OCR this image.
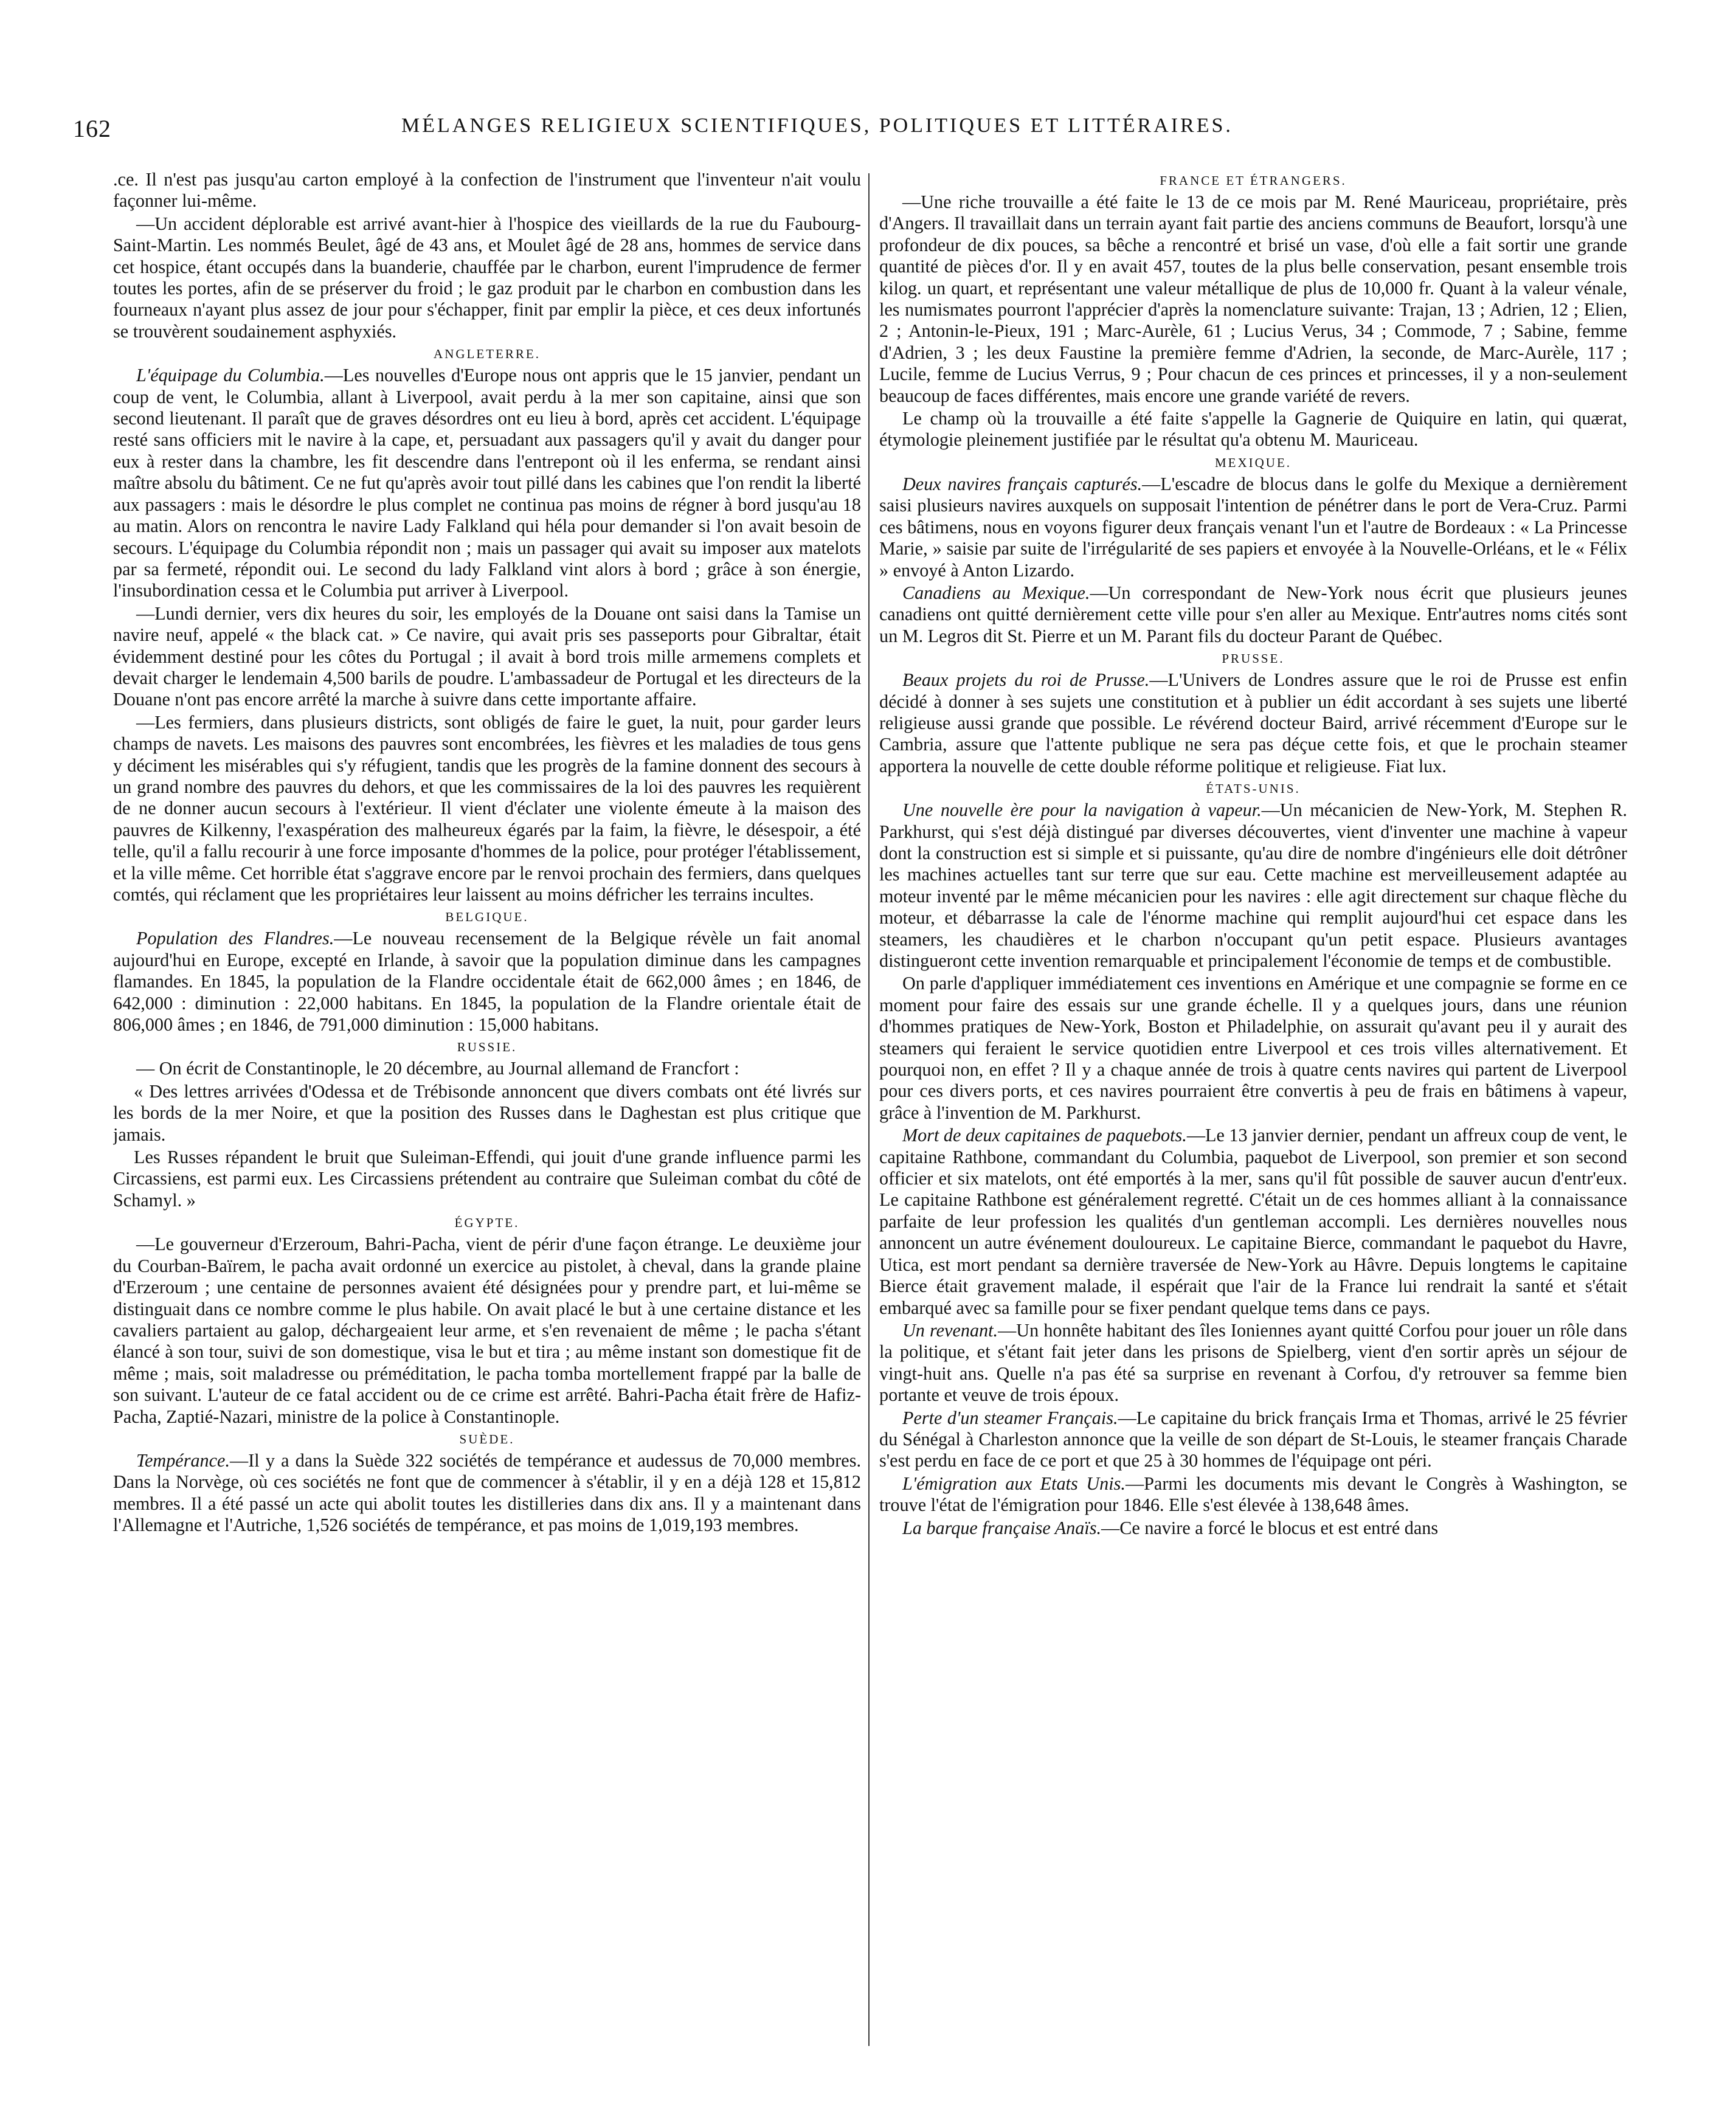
162	MÉLANGES RELIGIEUX SCIENTIFIQUES, POLITIQUES ET LITTÉRAIRES.

.ce. Il n'est pas jusqu'au carton employé à la confection de l'instrument que l'inventeur n'ait voulu façonner lui-même.

—Un accident déplorable est arrivé avant-hier à l'hospice des vieillards de la rue du Faubourg-Saint-Martin. Les nommés Beulet, âgé de 43 ans, et Moulet âgé de 28 ans, hommes de service dans cet hospice, étant occupés dans la buanderie, chauffée par le charbon, eurent l'imprudence de fermer toutes les portes, afin de se préserver du froid ; le gaz produit par le charbon en combustion dans les fourneaux n'ayant plus assez de jour pour s'échapper, finit par emplir la pièce, et ces deux infortunés se trouvèrent soudainement asphyxiés.

ANGLETERRE.

L'équipage du Columbia.—Les nouvelles d'Europe nous ont appris que le 15 janvier, pendant un coup de vent, le Columbia, allant à Liverpool, avait perdu à la mer son capitaine, ainsi que son second lieutenant. Il paraît que de graves désordres ont eu lieu à bord, après cet accident. L'équipage resté sans officiers mit le navire à la cape, et, persuadant aux passagers qu'il y avait du danger pour eux à rester dans la chambre, les fit descendre dans l'entrepont où il les enferma, se rendant ainsi maître absolu du bâtiment. Ce ne fut qu'après avoir tout pillé dans les cabines que l'on rendit la liberté aux passagers : mais le désordre le plus complet ne continua pas moins de régner à bord jusqu'au 18 au matin. Alors on rencontra le navire Lady Falkland qui héla pour demander si l'on avait besoin de secours. L'équipage du Columbia répondit non ; mais un passager qui avait su imposer aux matelots par sa fermeté, répondit oui. Le second du lady Falkland vint alors à bord ; grâce à son énergie, l'insubordination cessa et le Columbia put arriver à Liverpool.

—Lundi dernier, vers dix heures du soir, les employés de la Douane ont saisi dans la Tamise un navire neuf, appelé « the black cat. » Ce navire, qui avait pris ses passeports pour Gibraltar, était évidemment destiné pour les côtes du Portugal ; il avait à bord trois mille armemens complets et devait charger le lendemain 4,500 barils de poudre. L'ambassadeur de Portugal et les directeurs de la Douane n'ont pas encore arrêté la marche à suivre dans cette importante affaire.

—Les fermiers, dans plusieurs districts, sont obligés de faire le guet, la nuit, pour garder leurs champs de navets. Les maisons des pauvres sont encombrées, les fièvres et les maladies de tous gens y déciment les misérables qui s'y réfugient, tandis que les progrès de la famine donnent des secours à un grand nombre des pauvres du dehors, et que les commissaires de la loi des pauvres les requièrent de ne donner aucun secours à l'extérieur. Il vient d'éclater une violente émeute à la maison des pauvres de Kilkenny, l'exaspération des malheureux égarés par la faim, la fièvre, le désespoir, a été telle, qu'il a fallu recourir à une force imposante d'hommes de la police, pour protéger l'établissement, et la ville même. Cet horrible état s'aggrave encore par le renvoi prochain des fermiers, dans quelques comtés, qui réclament que les propriétaires leur laissent au moins défricher les terrains incultes.

BELGIQUE.

Population des Flandres.—Le nouveau recensement de la Belgique révèle un fait anomal aujourd'hui en Europe, excepté en Irlande, à savoir que la population diminue dans les campagnes flamandes. En 1845, la population de la Flandre occidentale était de 662,000 âmes ; en 1846, de 642,000 : diminution : 22,000 habitans. En 1845, la population de la Flandre orientale était de 806,000 âmes ; en 1846, de 791,000 diminution : 15,000 habitans.

RUSSIE.

— On écrit de Constantinople, le 20 décembre, au Journal allemand de Francfort :

« Des lettres arrivées d'Odessa et de Trébisonde annoncent que divers combats ont été livrés sur les bords de la mer Noire, et que la position des Russes dans le Daghestan est plus critique que jamais.

Les Russes répandent le bruit que Suleiman-Effendi, qui jouit d'une grande influence parmi les Circassiens, est parmi eux. Les Circassiens prétendent au contraire que Suleiman combat du côté de Schamyl. »

ÉGYPTE.

—Le gouverneur d'Erzeroum, Bahri-Pacha, vient de périr d'une façon étrange. Le deuxième jour du Courban-Baïrem, le pacha avait ordonné un exercice au pistolet, à cheval, dans la grande plaine d'Erzeroum ; une centaine de personnes avaient été désignées pour y prendre part, et lui-même se distinguait dans ce nombre comme le plus habile. On avait placé le but à une certaine distance et les cavaliers partaient au galop, déchargeaient leur arme, et s'en revenaient de même ; le pacha s'étant élancé à son tour, suivi de son domestique, visa le but et tira ; au même instant son domestique fit de même ; mais, soit maladresse ou préméditation, le pacha tomba mortellement frappé par la balle de son suivant. L'auteur de ce fatal accident ou de ce crime est arrêté. Bahri-Pacha était frère de Hafiz-Pacha, Zaptié-Nazari, ministre de la police à Constantinople.

SUÈDE.

Tempérance.—Il y a dans la Suède 322 sociétés de tempérance et audessus de 70,000 membres. Dans la Norvège, où ces sociétés ne font que de commencer à s'établir, il y en a déjà 128 et 15,812 membres. Il a été passé un acte qui abolit toutes les distilleries dans dix ans. Il y a maintenant dans l'Allemagne et l'Autriche, 1,526 sociétés de tempérance, et pas moins de 1,019,193 membres.

FRANCE ET ÉTRANGERS.

—Une riche trouvaille a été faite le 13 de ce mois par M. René Mauriceau, propriétaire, près d'Angers. Il travaillait dans un terrain ayant fait partie des anciens communs de Beaufort, lorsqu'à une profondeur de dix pouces, sa bêche a rencontré et brisé un vase, d'où elle a fait sortir une grande quantité de pièces d'or. Il y en avait 457, toutes de la plus belle conservation, pesant ensemble trois kilog. un quart, et représentant une valeur métallique de plus de 10,000 fr. Quant à la valeur vénale, les numismates pourront l'apprécier d'après la nomenclature suivante: Trajan, 13 ; Adrien, 12 ; Elien, 2 ; Antonin-le-Pieux, 191 ; Marc-Aurèle, 61 ; Lucius Verus, 34 ; Commode, 7 ; Sabine, femme d'Adrien, 3 ; les deux Faustine la première femme d'Adrien, la seconde, de Marc-Aurèle, 117 ; Lucile, femme de Lucius Verrus, 9 ; Pour chacun de ces princes et princesses, il y a non-seulement beaucoup de faces différentes, mais encore une grande variété de revers.

Le champ où la trouvaille a été faite s'appelle la Gagnerie de Quiquire en latin, qui quærat, étymologie pleinement justifiée par le résultat qu'a obtenu M. Mauriceau.

MEXIQUE.

Deux navires français capturés.—L'escadre de blocus dans le golfe du Mexique a dernièrement saisi plusieurs navires auxquels on supposait l'intention de pénétrer dans le port de Vera-Cruz. Parmi ces bâtimens, nous en voyons figurer deux français venant l'un et l'autre de Bordeaux : « La Princesse Marie, » saisie par suite de l'irrégularité de ses papiers et envoyée à la Nouvelle-Orléans, et le « Félix » envoyé à Anton Lizardo.

Canadiens au Mexique.—Un correspondant de New-York nous écrit que plusieurs jeunes canadiens ont quitté dernièrement cette ville pour s'en aller au Mexique. Entr'autres noms cités sont un M. Legros dit St. Pierre et un M. Parant fils du docteur Parant de Québec.

PRUSSE.

Beaux projets du roi de Prusse.—L'Univers de Londres assure que le roi de Prusse est enfin décidé à donner à ses sujets une constitution et à publier un édit accordant à ses sujets une liberté religieuse aussi grande que possible. Le révérend docteur Baird, arrivé récemment d'Europe sur le Cambria, assure que l'attente publique ne sera pas déçue cette fois, et que le prochain steamer apportera la nouvelle de cette double réforme politique et religieuse. Fiat lux.

ÉTATS-UNIS.

Une nouvelle ère pour la navigation à vapeur.—Un mécanicien de New-York, M. Stephen R. Parkhurst, qui s'est déjà distingué par diverses découvertes, vient d'inventer une machine à vapeur dont la construction est si simple et si puissante, qu'au dire de nombre d'ingénieurs elle doit détrôner les machines actuelles tant sur terre que sur eau. Cette machine est merveilleusement adaptée au moteur inventé par le même mécanicien pour les navires : elle agit directement sur chaque flèche du moteur, et débarrasse la cale de l'énorme machine qui remplit aujourd'hui cet espace dans les steamers, les chaudières et le charbon n'occupant qu'un petit espace. Plusieurs avantages distingueront cette invention remarquable et principalement l'économie de temps et de combustible.

On parle d'appliquer immédiatement ces inventions en Amérique et une compagnie se forme en ce moment pour faire des essais sur une grande échelle. Il y a quelques jours, dans une réunion d'hommes pratiques de New-York, Boston et Philadelphie, on assurait qu'avant peu il y aurait des steamers qui feraient le service quotidien entre Liverpool et ces trois villes alternativement. Et pourquoi non, en effet ? Il y a chaque année de trois à quatre cents navires qui partent de Liverpool pour ces divers ports, et ces navires pourraient être convertis à peu de frais en bâtimens à vapeur, grâce à l'invention de M. Parkhurst.

Mort de deux capitaines de paquebots.—Le 13 janvier dernier, pendant un affreux coup de vent, le capitaine Rathbone, commandant du Columbia, paquebot de Liverpool, son premier et son second officier et six matelots, ont été emportés à la mer, sans qu'il fût possible de sauver aucun d'entr'eux. Le capitaine Rathbone est généralement regretté. C'était un de ces hommes alliant à la connaissance parfaite de leur profession les qualités d'un gentleman accompli. Les dernières nouvelles nous annoncent un autre événement douloureux. Le capitaine Bierce, commandant le paquebot du Havre, Utica, est mort pendant sa dernière traversée de New-York au Hâvre. Depuis longtems le capitaine Bierce était gravement malade, il espérait que l'air de la France lui rendrait la santé et s'était embarqué avec sa famille pour se fixer pendant quelque tems dans ce pays.

Un revenant.—Un honnête habitant des îles Ioniennes ayant quitté Corfou pour jouer un rôle dans la politique, et s'étant fait jeter dans les prisons de Spielberg, vient d'en sortir après un séjour de vingt-huit ans. Quelle n'a pas été sa surprise en revenant à Corfou, d'y retrouver sa femme bien portante et veuve de trois époux.

Perte d'un steamer Français.—Le capitaine du brick français Irma et Thomas, arrivé le 25 février du Sénégal à Charleston annonce que la veille de son départ de St-Louis, le steamer français Charade s'est perdu en face de ce port et que 25 à 30 hommes de l'équipage ont péri.

L'émigration aux Etats Unis.—Parmi les documents mis devant le Congrès à Washington, se trouve l'état de l'émigration pour 1846. Elle s'est élevée à 138,648 âmes.

La barque française Anaïs.—Ce navire a forcé le blocus et est entré dans
